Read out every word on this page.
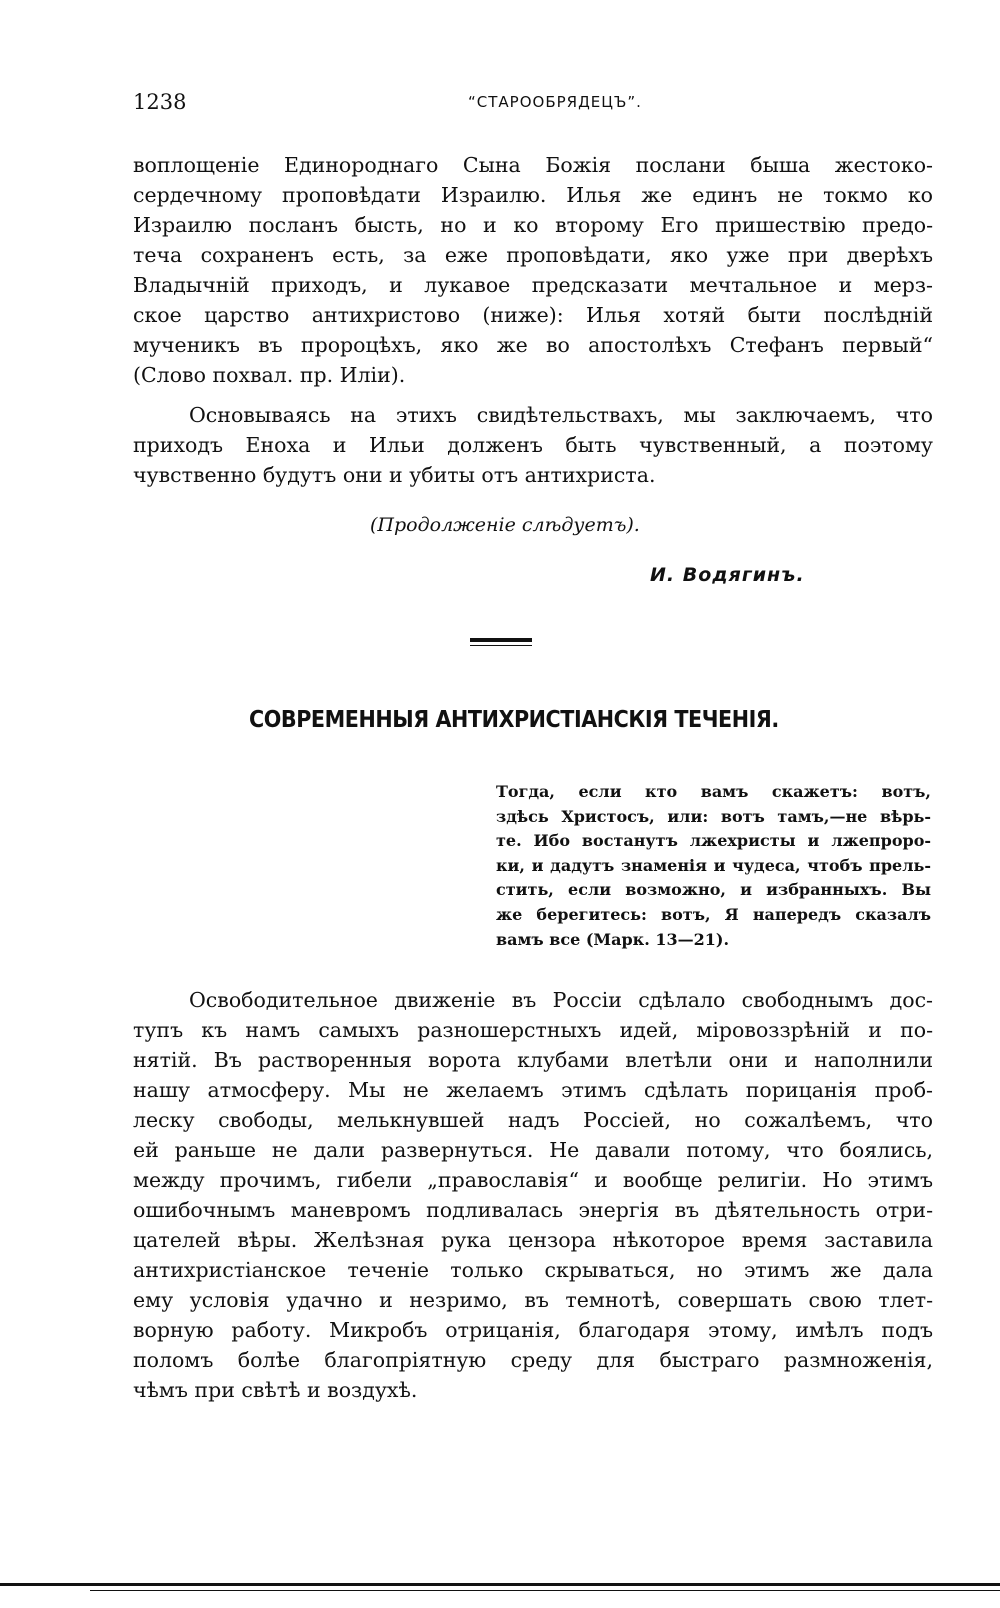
1238	“СТАРООБРЯДЕЦЪ”.

воплощеніе Единороднаго Сына Божія послани быша жестоко-
сердечному проповѣдати Израилю. Илья же единъ не токмо ко
Израилю посланъ бысть, но и ко второму Его пришествію предо-
теча сохраненъ есть, за еже проповѣдати, яко уже при дверѣхъ
Владычній приходъ, и лукавое предсказати мечтальное и мерз-
ское царство антихристово (ниже): Илья хотяй быти послѣдній
мученикъ въ пророцѣхъ, яко же во апостолѣхъ Стефанъ первый“
(Слово похвал. пр. Иліи).

Основываясь на этихъ свидѣтельствахъ, мы заключаемъ, что
приходъ Еноха и Ильи долженъ быть чувственный, а поэтому
чувственно будутъ они и убиты отъ антихриста.

(Продолженіе слѣдуетъ).
И. Водягинъ.
СОВРЕМЕННЫЯ АНТИХРИСТІАНСКІЯ ТЕЧЕНІЯ.

Тогда, если кто вамъ скажетъ: вотъ,
здѣсь Христосъ, или: вотъ тамъ,—не вѣрь-
те. Ибо востанутъ лжехристы и лжепроро-
ки, и дадутъ знаменія и чудеса, чтобъ прель-
стить, если возможно, и избранныхъ. Вы
же берегитесь: вотъ, Я напередъ сказалъ
вамъ все (Марк. 13—21).

Освободительное движеніе въ Россіи сдѣлало свободнымъ дос-
тупъ къ намъ самыхъ разношерстныхъ идей, міровоззрѣній и по-
нятій. Въ растворенныя ворота клубами влетѣли они и наполнили
нашу атмосферу. Мы не желаемъ этимъ сдѣлать порицанія проб-
леску свободы, мелькнувшей надъ Россіей, но сожалѣемъ, что
ей раньше не дали развернуться. Не давали потому, что боялись,
между прочимъ, гибели „православія“ и вообще религіи. Но этимъ
ошибочнымъ маневромъ подливалась энергія въ дѣятельность отри-
цателей вѣры. Желѣзная рука цензора нѣкоторое время заставила
антихристіанское теченіе только скрываться, но этимъ же дала
ему условія удачно и незримо, въ темнотѣ, совершать свою тлет-
ворную работу. Микробъ отрицанія, благодаря этому, имѣлъ подъ
поломъ болѣе благопріятную среду для быстраго размноженія,
чѣмъ при свѣтѣ и воздухѣ.
